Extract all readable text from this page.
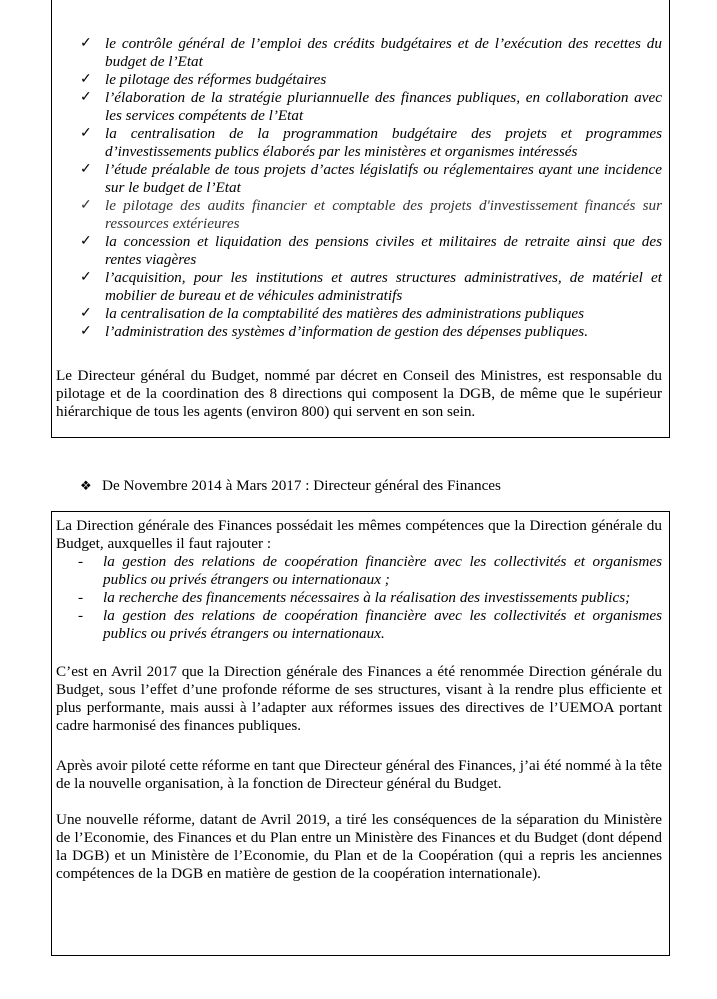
✓ le contrôle général de l’emploi des crédits budgétaires et de l’exécution des recettes du budget de l’Etat
✓ le pilotage des réformes budgétaires
✓ l’élaboration de la stratégie pluriannuelle des finances publiques, en collaboration avec les services compétents de l’Etat
✓ la centralisation de la programmation budgétaire des projets et programmes d’investissements publics élaborés par les ministères et organismes intéressés
✓ l’étude préalable de tous projets d’actes législatifs ou réglementaires ayant une incidence sur le budget de l’Etat
✓ le pilotage des audits financier et comptable des projets d'investissement financés sur ressources extérieures
✓ la concession et liquidation des pensions civiles et militaires de retraite ainsi que des rentes viagères
✓ l’acquisition, pour les institutions et autres structures administratives, de matériel et mobilier de bureau et de véhicules administratifs
✓ la centralisation de la comptabilité des matières des administrations publiques
✓ l’administration des systèmes d’information de gestion des dépenses publiques.

Le Directeur général du Budget, nommé par décret en Conseil des Ministres, est responsable du pilotage et de la coordination des 8 directions qui composent la DGB, de même que le supérieur hiérarchique de tous les agents (environ 800) qui servent en son sein.

❖ De Novembre 2014 à Mars 2017 : Directeur général des Finances

La Direction générale des Finances possédait les mêmes compétences que la Direction générale du Budget, auxquelles il faut rajouter :

- la gestion des relations de coopération financière avec les collectivités et organismes publics ou privés étrangers ou internationaux ;
- la recherche des financements nécessaires à la réalisation des investissements publics;
- la gestion des relations de coopération financière avec les collectivités et organismes publics ou privés étrangers ou internationaux.

C’est en Avril 2017 que la Direction générale des Finances a été renommée Direction générale du Budget, sous l’effet d’une profonde réforme de ses structures, visant à la rendre plus efficiente et plus performante, mais aussi à l’adapter aux réformes issues des directives de l’UEMOA portant cadre harmonisé des finances publiques.

Après avoir piloté cette réforme en tant que Directeur général des Finances, j’ai été nommé à la tête de la nouvelle organisation, à la fonction de Directeur général du Budget.

Une nouvelle réforme, datant de Avril 2019, a tiré les conséquences de la séparation du Ministère de l’Economie, des Finances et du Plan entre un Ministère des Finances et du Budget (dont dépend la DGB) et un Ministère de l’Economie, du Plan et de la Coopération (qui a repris les anciennes compétences de la DGB en matière de gestion de la coopération internationale).
